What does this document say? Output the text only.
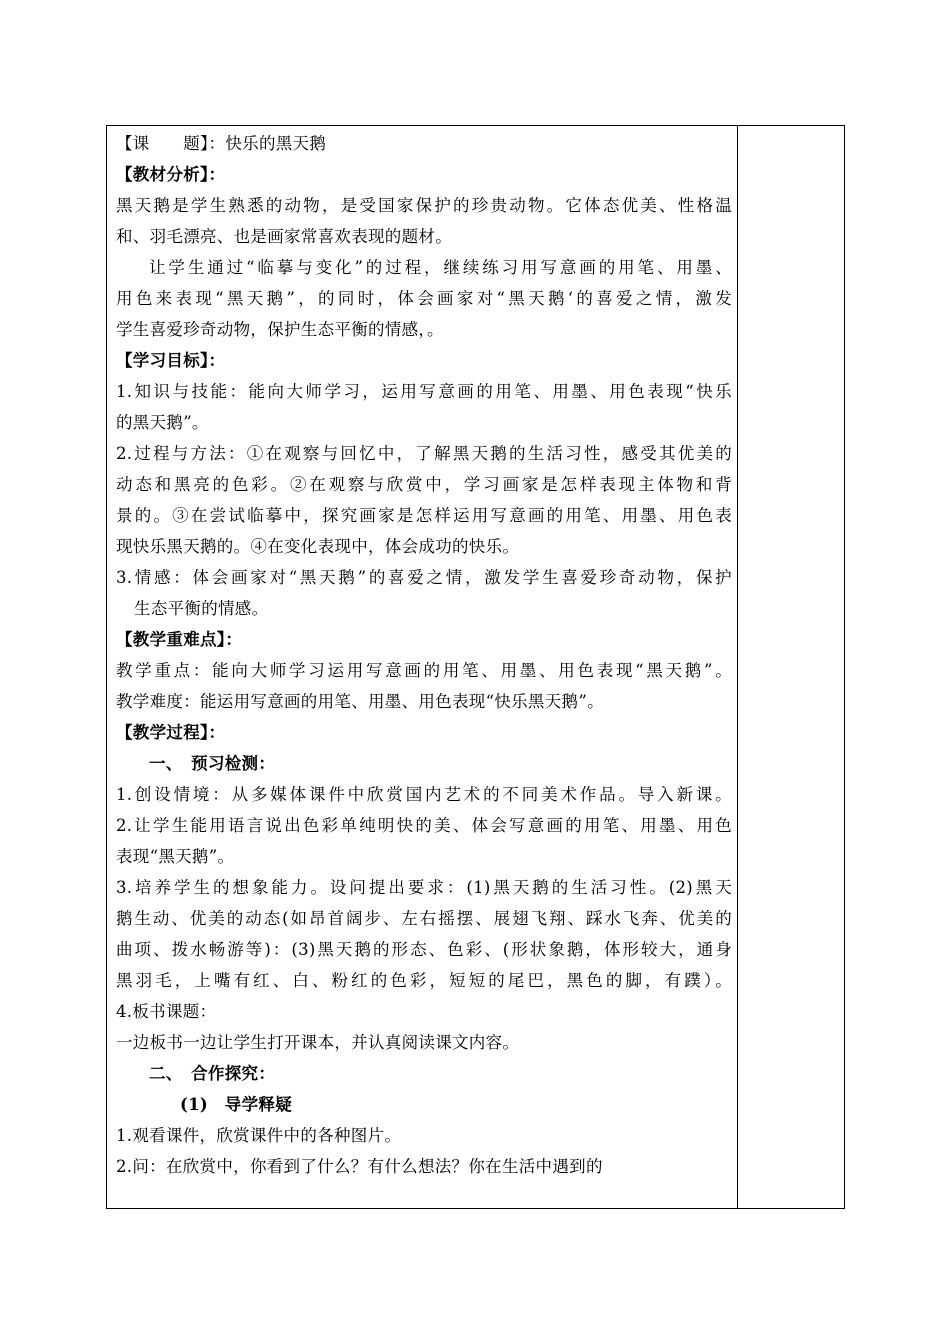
【课　　题】：快乐的黑天鹅
【教材分析】：
黑天鹅是学生熟悉的动物，是受国家保护的珍贵动物。它体态优美、性格温
和、羽毛漂亮、也是画家常喜欢表现的题材。
让学生通过“临摹与变化”的过程，继续练习用写意画的用笔、用墨、
用色来表现“黑天鹅”，的同时，体会画家对“黑天鹅‘的喜爱之情，激发
学生喜爱珍奇动物，保护生态平衡的情感，。
【学习目标】：
1.知识与技能：能向大师学习，运用写意画的用笔、用墨、用色表现“快乐
的黑天鹅”。
2.过程与方法：①在观察与回忆中，了解黑天鹅的生活习性，感受其优美的
动态和黑亮的色彩。②在观察与欣赏中，学习画家是怎样表现主体物和背
景的。③在尝试临摹中，探究画家是怎样运用写意画的用笔、用墨、用色表
现快乐黑天鹅的。④在变化表现中，体会成功的快乐。
3.情感：体会画家对“黑天鹅”的喜爱之情，激发学生喜爱珍奇动物，保护
生态平衡的情感。
【教学重难点】：
教学重点：能向大师学习运用写意画的用笔、用墨、用色表现“黑天鹅”。
教学难度：能运用写意画的用笔、用墨、用色表现“快乐黑天鹅”。
【教学过程】：
一、　预习检测：
1.创设情境：从多媒体课件中欣赏国内艺术的不同美术作品。导入新课。
2.让学生能用语言说出色彩单纯明快的美、体会写意画的用笔、用墨、用色
表现“黑天鹅”。
3.培养学生的想象能力。设问提出要求：(1)黑天鹅的生活习性。(2)黑天
鹅生动、优美的动态(如昂首阔步、左右摇摆、展翅飞翔、踩水飞奔、优美的
曲项、拨水畅游等)：(3)黑天鹅的形态、色彩、(形状象鹅，体形较大，通身
黑羽毛，上嘴有红、白、粉红的色彩，短短的尾巴，黑色的脚，有蹼）。
4.板书课题：
一边板书一边让学生打开课本，并认真阅读课文内容。
二、　合作探究：
(1)　导学释疑
1.观看课件，欣赏课件中的各种图片。
2.问：在欣赏中，你看到了什么？有什么想法？你在生活中遇到的
